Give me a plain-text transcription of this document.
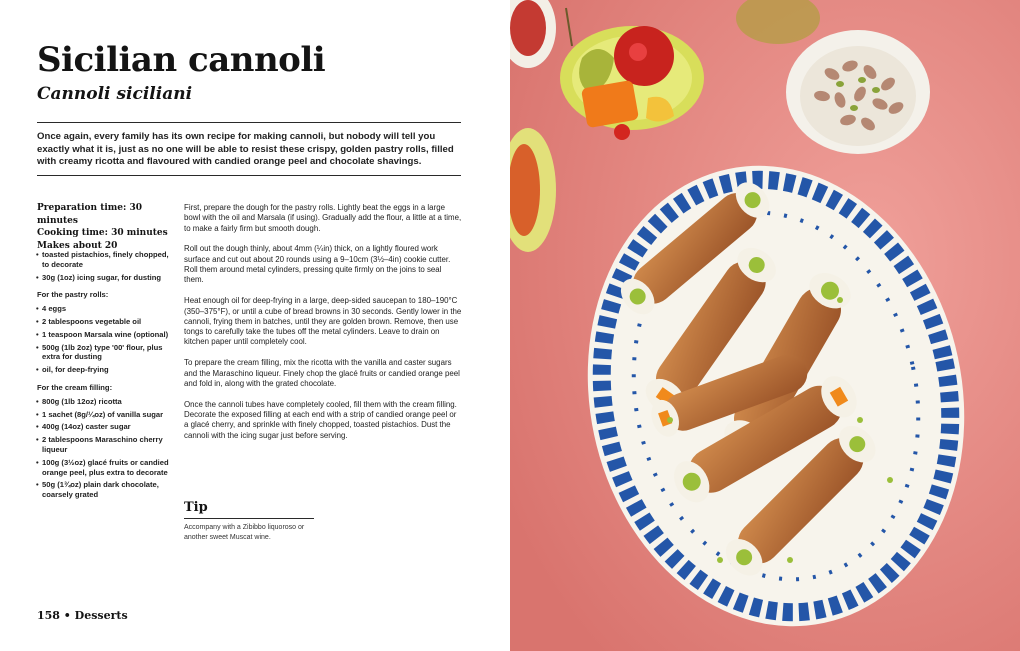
Sicilian cannoli
Cannoli siciliani

Once again, every family has its own recipe for making cannoli, but nobody will tell you exactly what it is, just as no one will be able to resist these crispy, golden pastry rolls, filled with creamy ricotta and flavoured with candied orange peel and chocolate shavings.

Preparation time: 30 minutes
Cooking time: 30 minutes
Makes about 20
• toasted pistachios, finely chopped, to decorate
• 30g (1oz) icing sugar, for dusting
For the pastry rolls:
• 4 eggs
• 2 tablespoons vegetable oil
• 1 teaspoon Marsala wine (optional)
• 500g (1lb 2oz) type '00' flour, plus extra for dusting
• oil, for deep-frying
For the cream filling:
• 800g (1lb 12oz) ricotta
• 1 sachet (8g/¼oz) of vanilla sugar
• 400g (14oz) caster sugar
• 2 tablespoons Maraschino cherry liqueur
• 100g (3½oz) glacé fruits or candied orange peel, plus extra to decorate
• 50g (1¾oz) plain dark chocolate, coarsely grated

First, prepare the dough for the pastry rolls. Lightly beat the eggs in a large bowl with the oil and Marsala (if using). Gradually add the flour, a little at a time, to make a fairly firm but smooth dough.

Roll out the dough thinly, about 4mm (¼in) thick, on a lightly floured work surface and cut out about 20 rounds using a 9–10cm (3½–4in) cookie cutter. Roll them around metal cylinders, pressing quite firmly on the joins to seal them.

Heat enough oil for deep-frying in a large, deep-sided saucepan to 180–190°C (350–375°F), or until a cube of bread browns in 30 seconds. Gently lower in the cannoli, frying them in batches, until they are golden brown. Remove, then use tongs to carefully take the tubes off the metal cylinders. Leave to drain on kitchen paper until completely cool.

To prepare the cream filling, mix the ricotta with the vanilla and caster sugars and the Maraschino liqueur. Finely chop the glacé fruits or candied orange peel and fold in, along with the grated chocolate.

Once the cannoli tubes have completely cooled, fill them with the cream filling. Decorate the exposed filling at each end with a strip of candied orange peel or a glacé cherry, and sprinkle with finely chopped, toasted pistachios. Dust the cannoli with the icing sugar just before serving.

Tip
Accompany with a Zibibbo liquoroso or another sweet Muscat wine.
158 • Desserts
